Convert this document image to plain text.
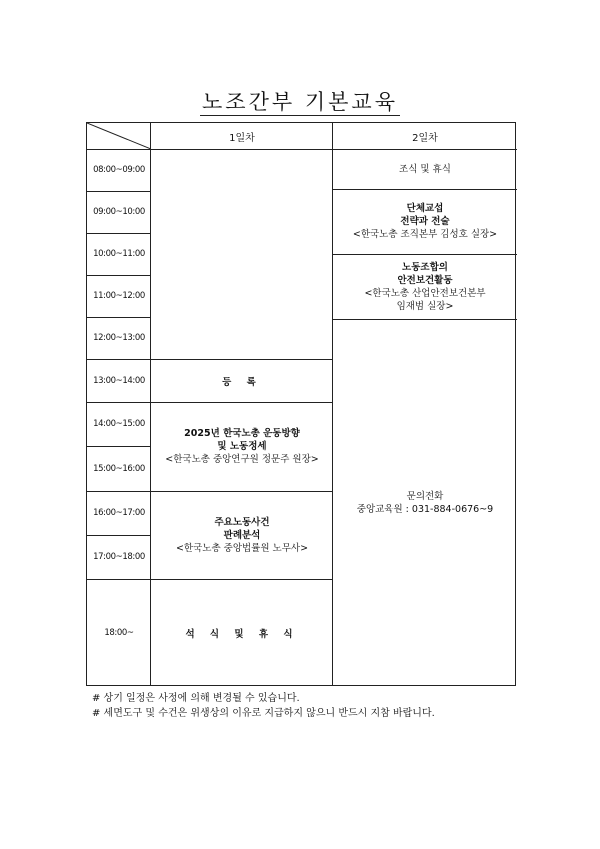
노조간부 기본교육
1일차	2일차
08:00~09:00
09:00~10:00
10:00~11:00
11:00~12:00
12:00~13:00
13:00~14:00
14:00~15:00
15:00~16:00
16:00~17:00
17:00~18:00
18:00~
등 록
2025년 한국노총 운동방향
및 노동정세
<한국노총 중앙연구원 정문주 원장>
주요노동사건
판례분석
<한국노총 중앙법률원 노무사>
석 식 및 휴 식
조식 및 휴식
단체교섭
전략과 전술
<한국노총 조직본부 김성호 실장>
노동조합의
안전보건활동
<한국노총 산업안전보건본부
임재범 실장>
문의전화
중앙교육원 : 031-884-0676~9
# 상기 일정은 사정에 의해 변경될 수 있습니다.
# 세면도구 및 수건은 위생상의 이유로 지급하지 않으니 반드시 지참 바랍니다.
